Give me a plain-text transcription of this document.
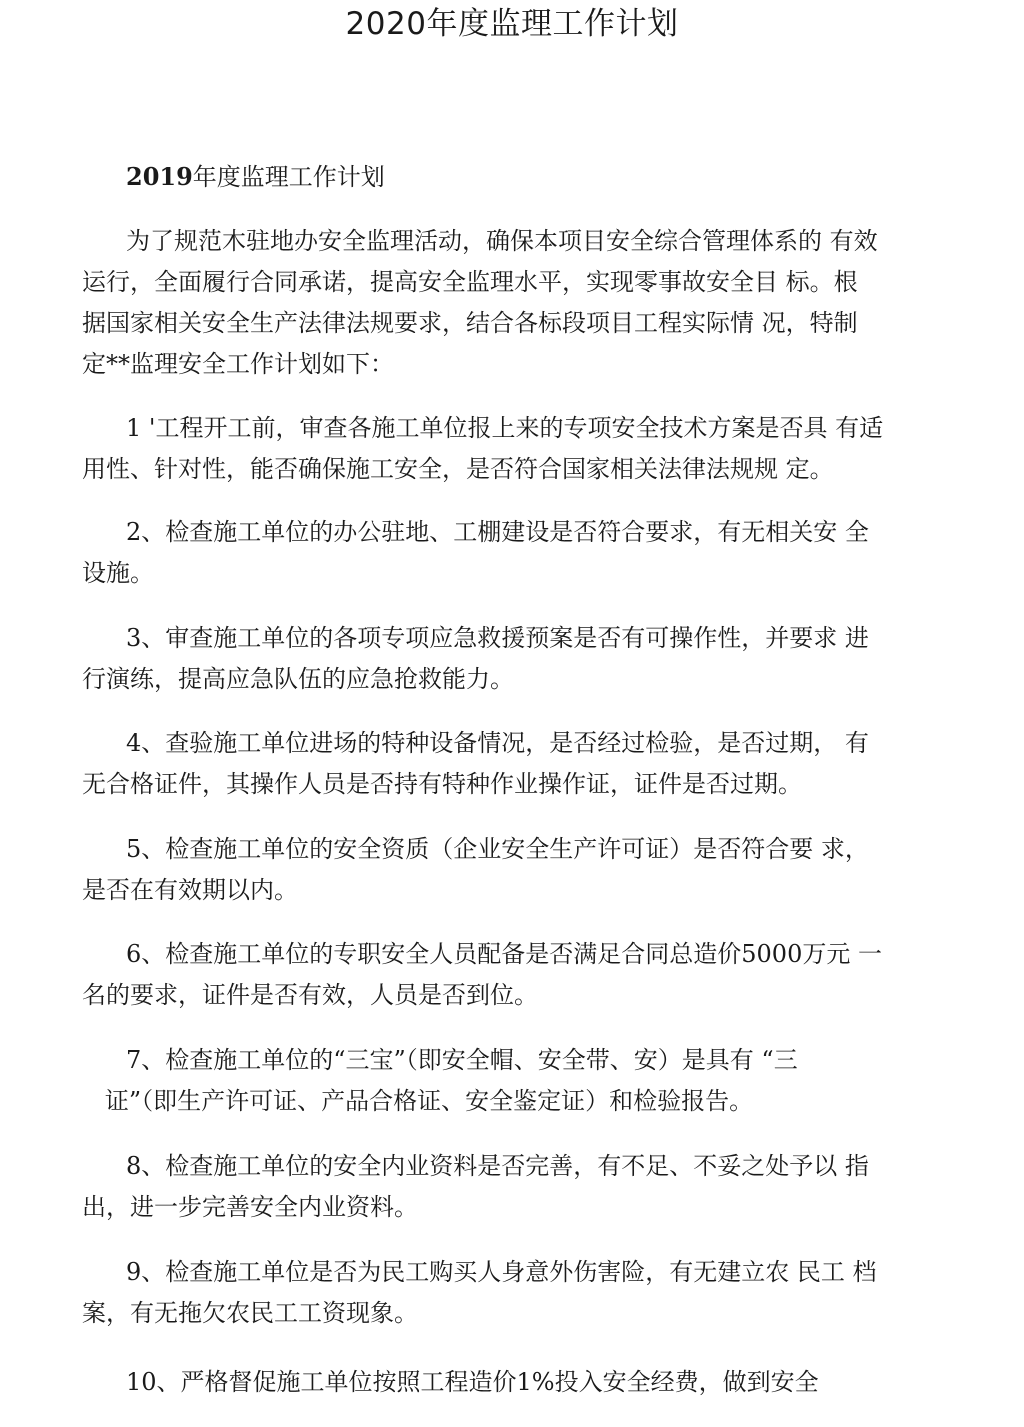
2020年度监理工作计划
2019年度监理工作计划

为了规范木驻地办安全监理活动，确保本项目安全综合管理体系的 有效
运行，全面履行合同承诺，提高安全监理水平，实现零事故安全目 标。根
据国家相关安全生产法律法规要求，结合各标段项目工程实际情 况，特制
定**监理安全工作计划如下：

1 '工程开工前，审查各施工单位报上来的专项安全技术方案是否具 有适
用性、针对性，能否确保施工安全，是否符合国家相关法律法规规 定。

2、检查施工单位的办公驻地、工棚建设是否符合要求，有无相关安 全
设施。

3、审查施工单位的各项专项应急救援预案是否有可操作性，并要求 进
行演练，提高应急队伍的应急抢救能力。

4、查验施工单位进场的特种设备情况，是否经过检验，是否过期， 有
无合格证件，其操作人员是否持有特种作业操作证，证件是否过期。

5、检查施工单位的安全资质（企业安全生产许可证）是否符合要 求，
是否在有效期以内。

6、检查施工单位的专职安全人员配备是否满足合同总造价5000万元 一
名的要求，证件是否有效，人员是否到位。

7、检查施工单位的“三宝”（即安全帽、安全带、安）是具有 “三
证”（即生产许可证、产品合格证、安全鉴定证）和检验报告。

8、检查施工单位的安全内业资料是否完善，有不足、不妥之处予以 指
出，进一步完善安全内业资料。

9、检查施工单位是否为民工购买人身意外伤害险，有无建立农 民工 档
案，有无拖欠农民工工资现象。

10、严格督促施工单位按照工程造价1%投入安全经费，做到安全
